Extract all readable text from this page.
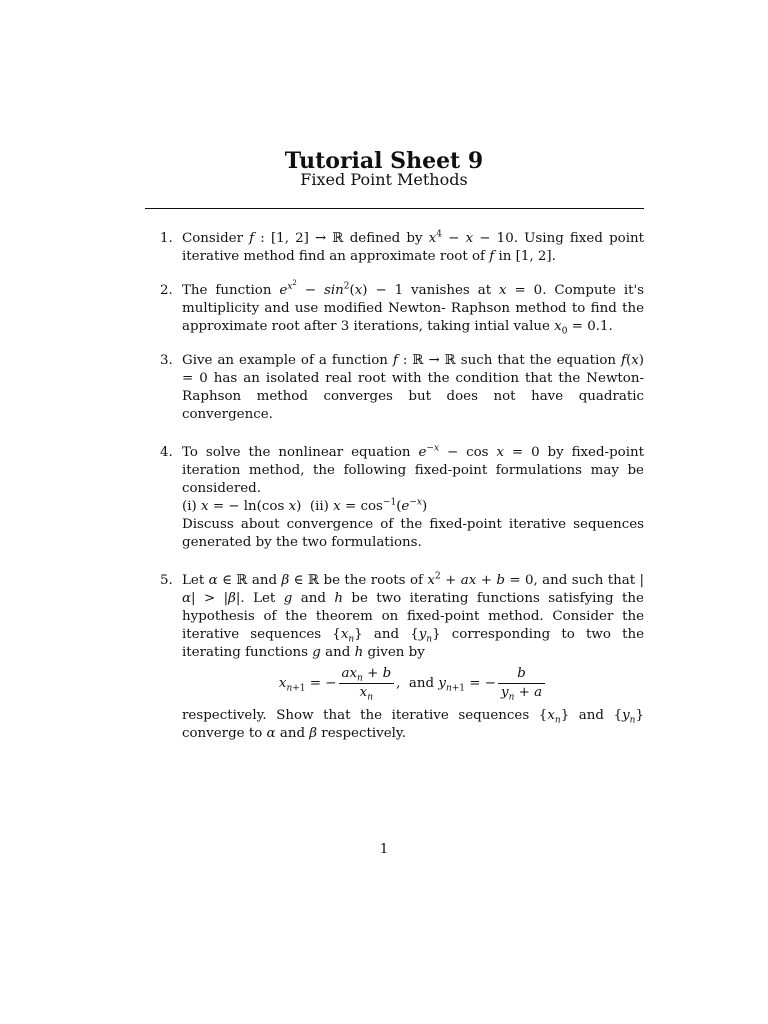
Tutorial Sheet 9
Fixed Point Methods
1. Consider f : [1, 2] → ℝ defined by $x^4 - x - 10$. Using fixed point iterative method find an approximate root of f in [1, 2].
2. The function $e^{x^2} - \sin^2(x) - 1$ vanishes at x = 0. Compute it's multiplicity and use modified Newton- Raphson method to find the approximate root after 3 iterations, taking intial value $x_0 = 0.1$.
3. Give an example of a function f : ℝ → ℝ such that the equation f(x) = 0 has an isolated real root with the condition that the Newton-Raphson method converges but does not have quadratic convergence.
4. To solve the nonlinear equation $e^{-x} - \cos x = 0$ by fixed-point iteration method, the following fixed-point formulations may be considered.
(i) x = − ln(cos x)  (ii) $x = \cos^{-1}(e^{-x})$
Discuss about convergence of the fixed-point iterative sequences generated by the two formulations.
5. Let α ∈ ℝ and β ∈ ℝ be the roots of $x^2$ + ax + b = 0, and such that |α| > |β|. Let g and h be two iterating functions satisfying the hypothesis of the theorem on fixed-point method. Consider the iterative sequences $\{x_n\}$ and $\{y_n\}$ corresponding to two the iterating functions g and h given by
$x_{n+1}$ = − $\frac{ax_n + b}{x_n}$ ,  and $y_{n+1}$ = − $\frac{b}{y_n + a}$
respectively. Show that the iterative sequences $\{x_n\}$ and $\{y_n\}$ converge to α and β respectively.
1
